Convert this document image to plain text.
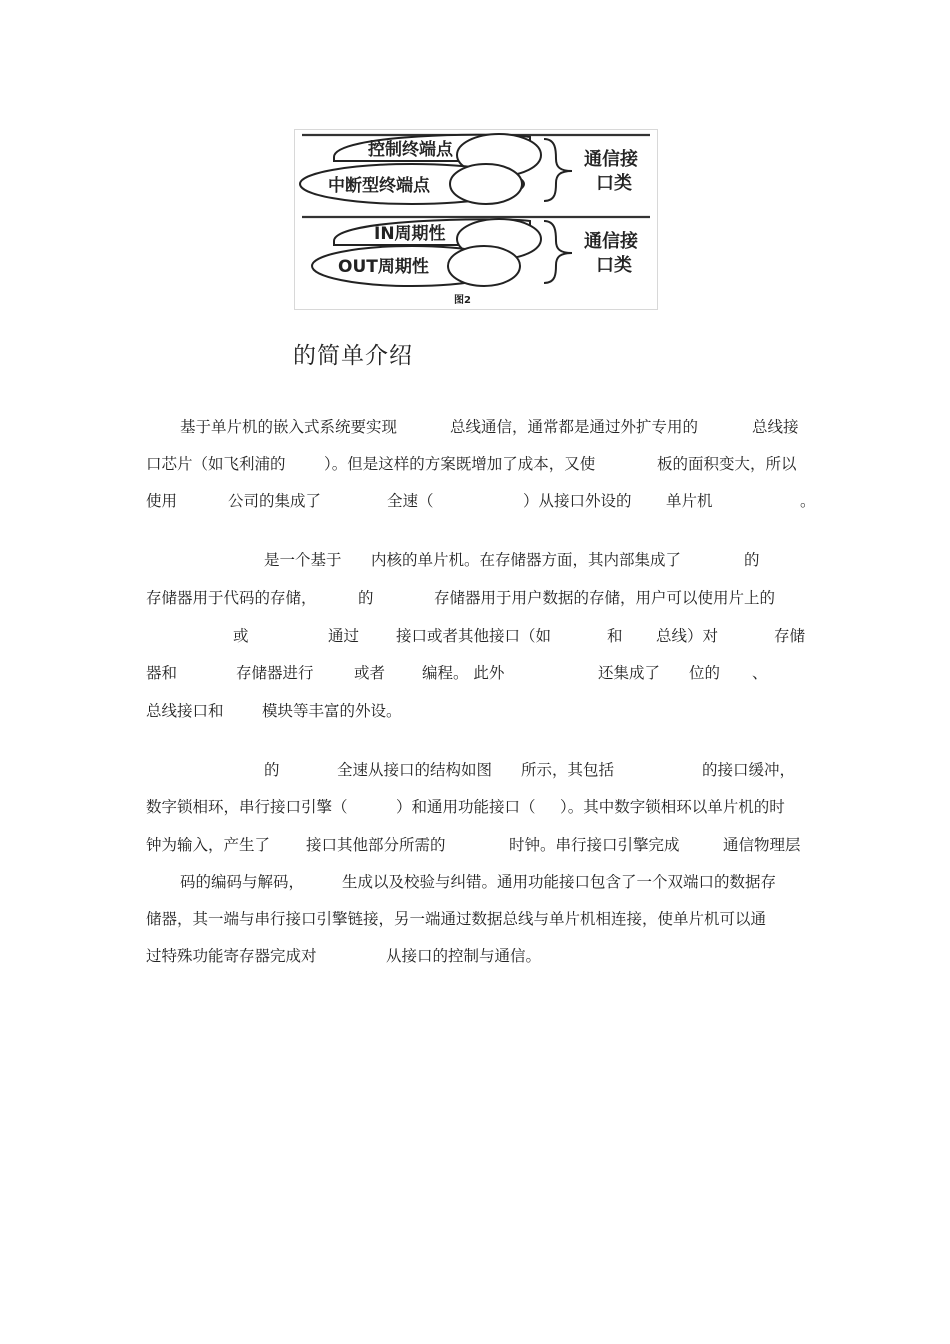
控制终端点
中断型终端点
通信接
口类
IN周期性
OUT周期性
通信接
口类
图2
的简单介绍
基于单片机的嵌入式系统要实现	总线通信，通常都是通过外扩专用的	总线接
口芯片（如飞利浦的 ）。但是这样的方案既增加了成本，又使	板的面积变大，所以
使用	公司的集成了	全速（	）从接口外设的 单片机	。
是一个基于 内核的单片机。在存储器方面，其内部集成了	的
存储器用于代码的存储，	的	存储器用于用户数据的存储，用户可以使用片上的
或	通过 接口或者其他接口（如	和 总线）对	存储
器和	存储器进行	或者 编程。 此外	还集成了 位的 、
总线接口和 模块等丰富的外设。
的	全速从接口的结构如图 所示，其包括	的接口缓冲，
数字锁相环，串行接口引擎（	）和通用功能接口（ ）。其中数字锁相环以单片机的时
钟为输入，产生了 接口其他部分所需的	时钟。串行接口引擎完成	通信物理层
码的编码与解码， 生成以及校验与纠错。通用功能接口包含了一个双端口的数据存
储器，其一端与串行接口引擎链接，另一端通过数据总线与单片机相连接，使单片机可以通
过特殊功能寄存器完成对	从接口的控制与通信。
